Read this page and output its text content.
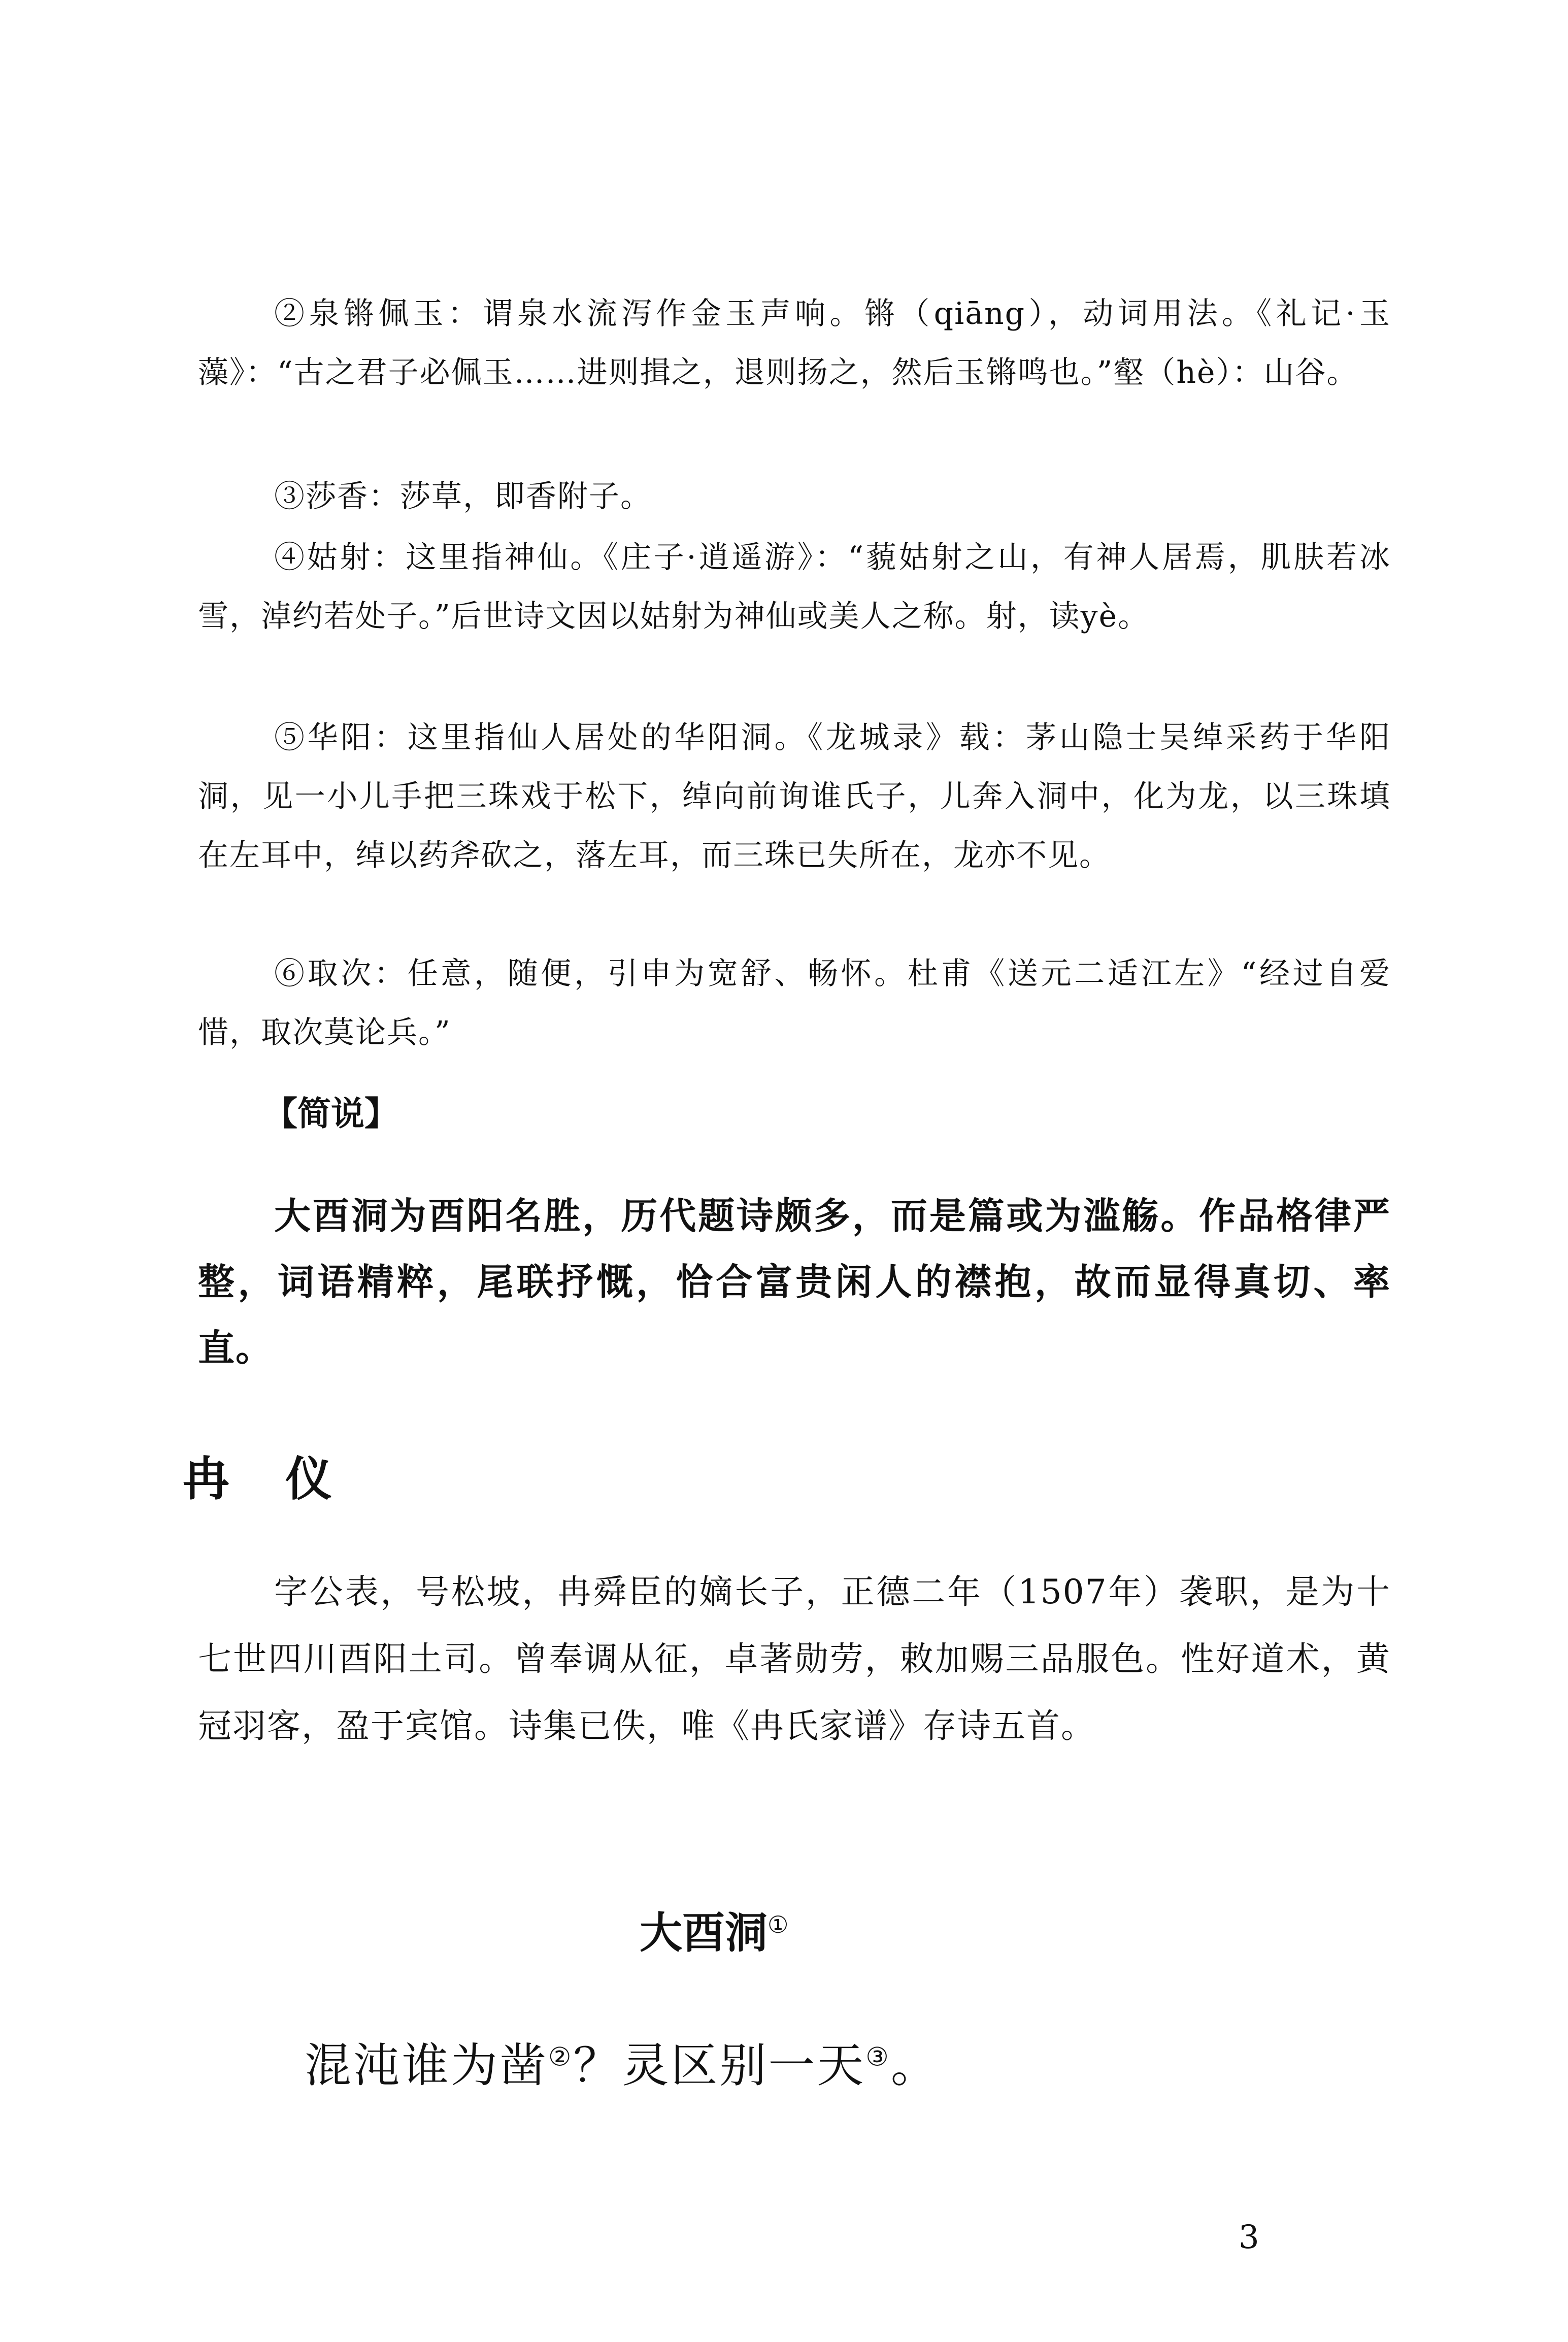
②泉锵佩玉：谓泉水流泻作金玉声响。锵（qiāng），动词用法。《礼记·玉藻》：“古之君子必佩玉……进则揖之，退则扬之，然后玉锵鸣也。”壑（hè）：山谷。

③莎香：莎草，即香附子。

④姑射：这里指神仙。《庄子·逍遥游》：“藐姑射之山，有神人居焉，肌肤若冰雪，淖约若处子。”后世诗文因以姑射为神仙或美人之称。射，读yè。

⑤华阳：这里指仙人居处的华阳洞。《龙城录》载：茅山隐士吴绰采药于华阳洞，见一小儿手把三珠戏于松下，绰向前询谁氏子，儿奔入洞中，化为龙，以三珠填在左耳中，绰以药斧砍之，落左耳，而三珠已失所在，龙亦不见。

⑥取次：任意，随便，引申为宽舒、畅怀。杜甫《送元二适江左》“经过自爱惜，取次莫论兵。”

【简说】

大酉洞为酉阳名胜，历代题诗颇多，而是篇或为滥觞。作品格律严整，词语精粹，尾联抒慨，恰合富贵闲人的襟抱，故而显得真切、率直。

冉仪

字公表，号松坡，冉舜臣的嫡长子，正德二年（1507年）袭职，是为十七世四川酉阳土司。曾奉调从征，卓著勋劳，敕加赐三品服色。性好道术，黄冠羽客，盈于宾馆。诗集已佚，唯《冉氏家谱》存诗五首。

大酉洞①
混沌谁为凿②？灵区别一天③。
3
